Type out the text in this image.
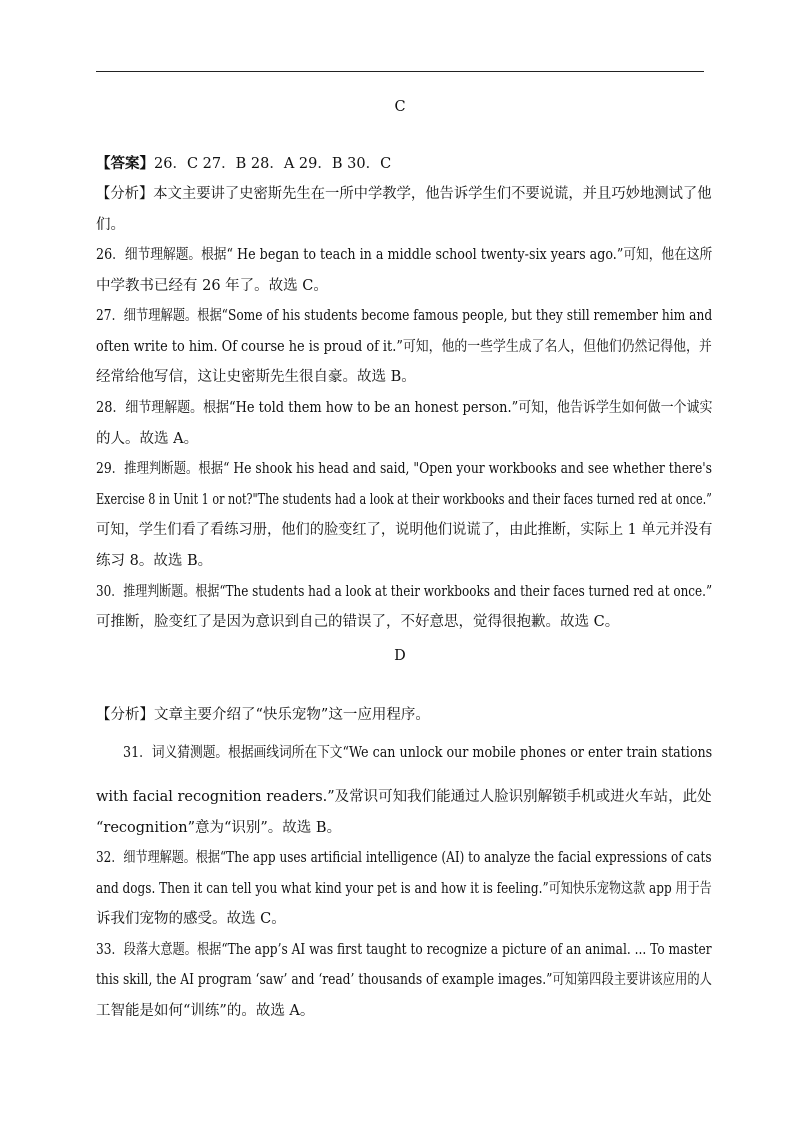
C
【答案】26．C 27．B 28．A 29．B 30．C
【分析】本文主要讲了史密斯先生在一所中学教学，他告诉学生们不要说谎，并且巧妙地测试了他
们。
26．细节理解题。根据“ He began to teach in a middle school twenty-six years ago.”可知，他在这所
中学教书已经有 26 年了。故选 C。
27．细节理解题。根据“Some of his students become famous people, but they still remember him and
often write to him. Of course he is proud of it.”可知，他的一些学生成了名人，但他们仍然记得他，并
经常给他写信，这让史密斯先生很自豪。故选 B。
28．细节理解题。根据“He told them how to be an honest person.”可知，他告诉学生如何做一个诚实
的人。故选 A。
29．推理判断题。根据“ He shook his head and said, "Open your workbooks and see whether there's
Exercise 8 in Unit 1 or not?"The students had a look at their workbooks and their faces turned red at once.”
可知，学生们看了看练习册，他们的脸变红了，说明他们说谎了，由此推断，实际上 1 单元并没有
练习 8。故选 B。
30．推理判断题。根据“The students had a look at their workbooks and their faces turned red at once.”
可推断，脸变红了是因为意识到自己的错误了，不好意思，觉得很抱歉。故选 C。
D
【分析】文章主要介绍了“快乐宠物”这一应用程序。
31．词义猜测题。根据画线词所在下文“We can unlock our mobile phones or enter train stations
with facial recognition readers.”及常识可知我们能通过人脸识别解锁手机或进火车站，此处
“recognition”意为“识别”。故选 B。
32．细节理解题。根据“The app uses artificial intelligence (AI) to analyze the facial expressions of cats
and dogs. Then it can tell you what kind your pet is and how it is feeling.”可知快乐宠物这款 app 用于告
诉我们宠物的感受。故选 C。
33．段落大意题。根据“The app’s AI was first taught to recognize a picture of an animal. ... To master
this skill, the AI program ‘saw’ and ‘read’ thousands of example images.”可知第四段主要讲该应用的人
工智能是如何“训练”的。故选 A。
